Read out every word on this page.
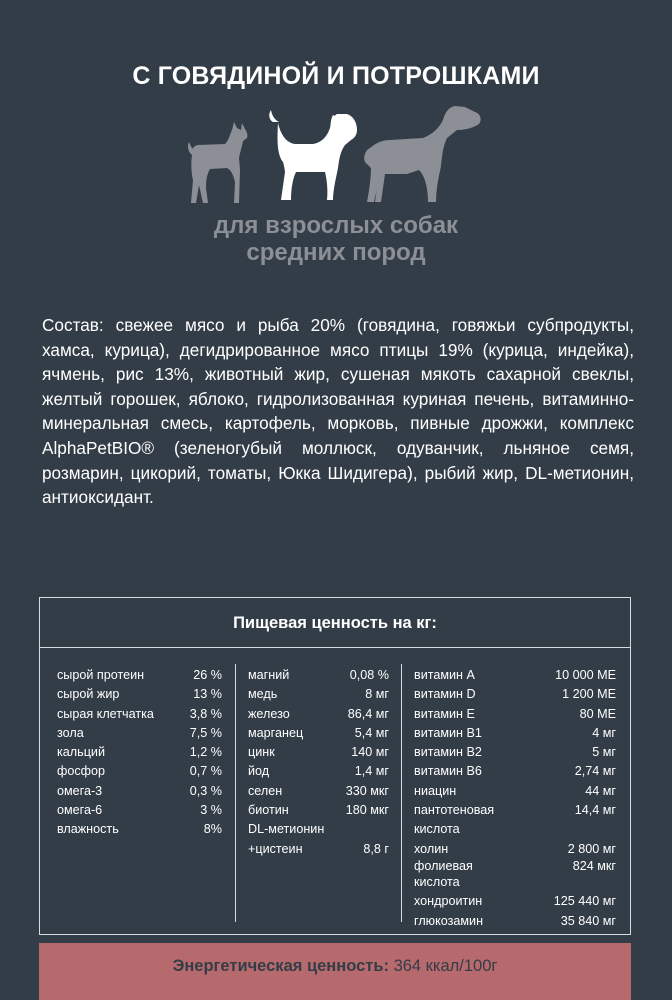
С ГОВЯДИНОЙ И ПОТРОШКАМИ
для взрослых собак
средних пород
Состав: свежее мясо и рыба 20% (говядина, говяжьи субпродукты, хамса, курица), дегидрированное мясо птицы 19% (курица, индейка), ячмень, рис 13%, животный жир, сушеная мякоть сахарной свеклы, желтый горошек, яблоко, гидролизованная куриная печень, витаминно-минеральная смесь, картофель, морковь, пивные дрожжи, комплекс AlphaPetBIO® (зеленогубый моллюск, одуванчик, льняное семя, розмарин, цикорий, томаты, Юкка Шидигера), рыбий жир, DL-метионин, антиоксидант.
Пищевая ценность на кг:
сырой протеин	26 %
сырой жир	13 %
сырая клетчатка	3,8 %
зола	7,5 %
кальций	1,2 %
фосфор	0,7 %
омега-3	0,3 %
омега-6	3 %
влажность	8%
магний	0,08 %
медь	8 мг
железо	86,4 мг
марганец	5,4 мг
цинк	140 мг
йод	1,4 мг
селен	330 мкг
биотин	180 мкг
DL-метионин
+цистеин	8,8 г
витамин А	10 000 МЕ
витамин D	1 200 МЕ
витамин Е	80 МЕ
витамин В1	4 мг
витамин В2	5 мг
витамин В6	2,74 мг
ниацин	44 мг
пантотеновая	14,4 мг
кислота
холин	2 800 мг
фолиевая	824 мкг
кислота
хондроитин	125 440 мг
глюкозамин	35 840 мг
Энергетическая ценность: 364 ккал/100г
